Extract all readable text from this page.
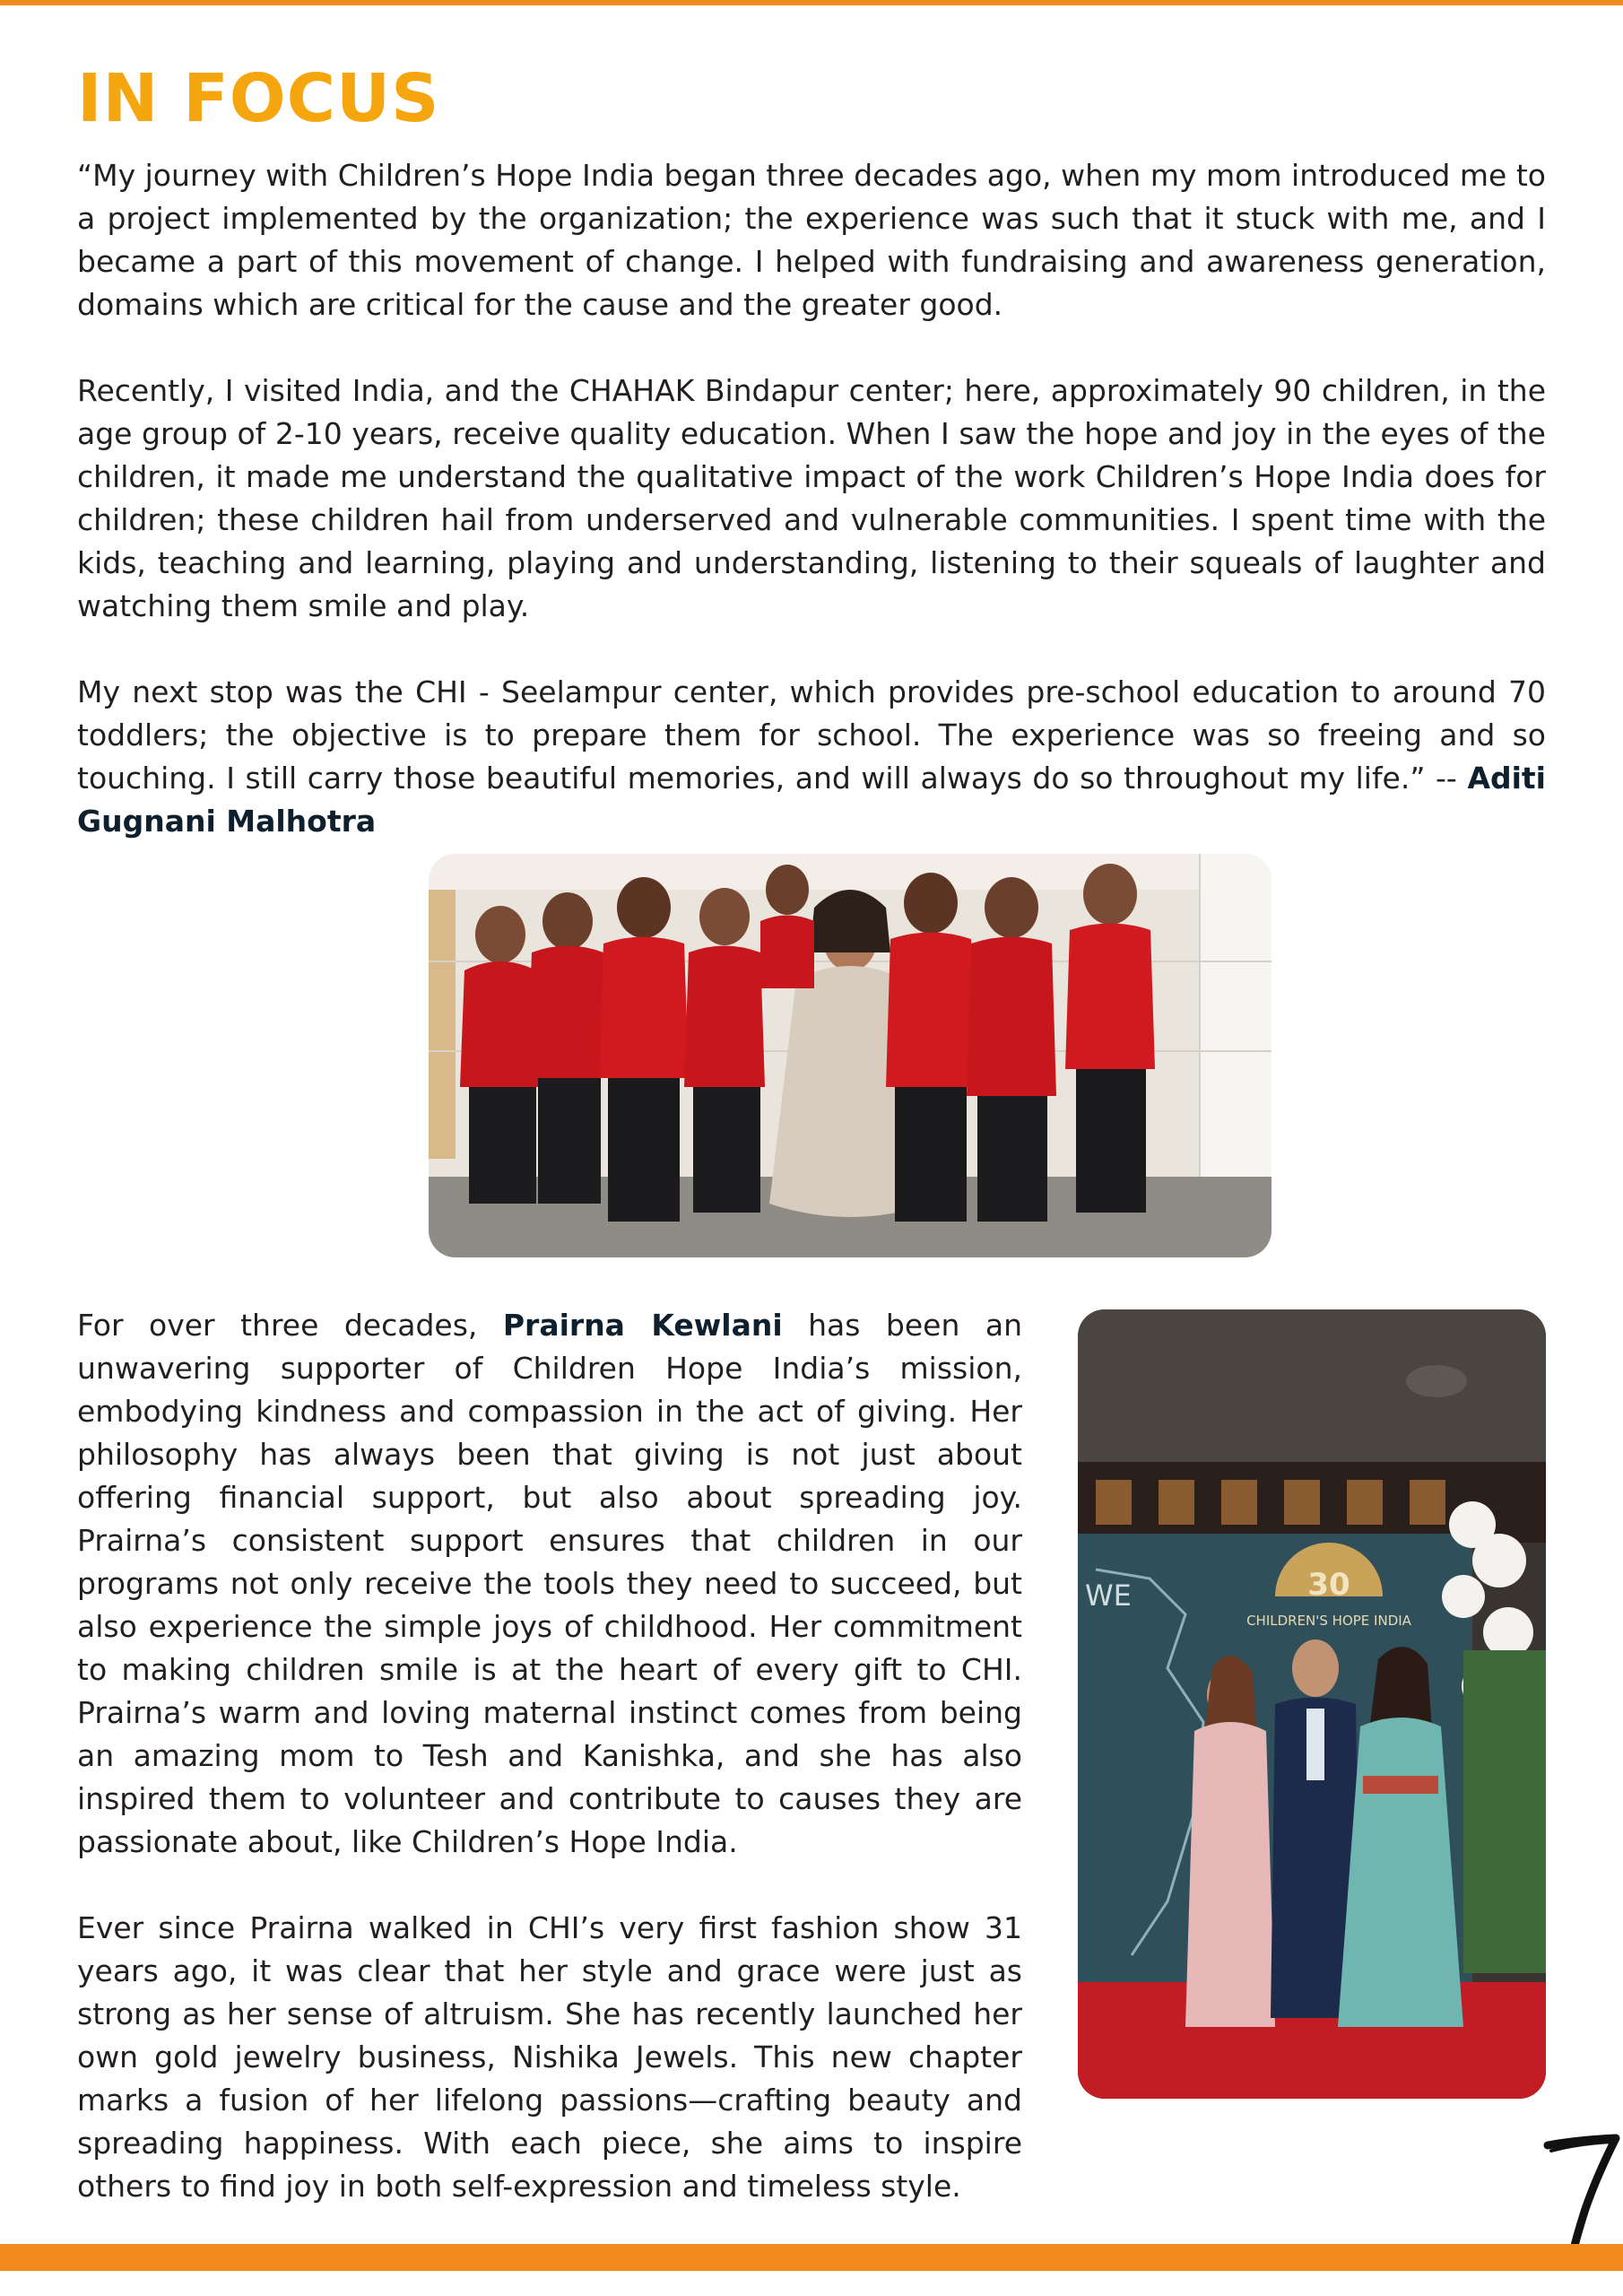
IN FOCUS

“My journey with Children’s Hope India began three decades ago, when my mom introduced me to a project implemented by the organization; the experience was such that it stuck with me, and I became a part of this movement of change. I helped with fundraising and awareness generation, domains which are critical for the cause and the greater good.

Recently, I visited India, and the CHAHAK Bindapur center; here, approximately 90 children, in the age group of 2-10 years, receive quality education. When I saw the hope and joy in the eyes of the children, it made me understand the qualitative impact of the work Children’s Hope India does for children; these children hail from underserved and vulnerable communities. I spent time with the kids, teaching and learning, playing and understanding, listening to their squeals of laughter and watching them smile and play.

My next stop was the CHI - Seelampur center, which provides pre-school education to around 70 toddlers; the objective is to prepare them for school. The experience was so freeing and so touching. I still carry those beautiful memories, and will always do so throughout my life.” -- Aditi Gugnani Malhotra

For over three decades, Prairna Kewlani has been an unwavering supporter of Children Hope India’s mission, embodying kindness and compassion in the act of giving. Her philosophy has always been that giving is not just about offering financial support, but also about spreading joy. Prairna’s consistent support ensures that children in our programs not only receive the tools they need to succeed, but also experience the simple joys of childhood. Her commitment to making children smile is at the heart of every gift to CHI. Prairna’s warm and loving maternal instinct comes from being an amazing mom to Tesh and Kanishka, and she has also inspired them to volunteer and contribute to causes they are passionate about, like Children’s Hope India.

Ever since Prairna walked in CHI’s very first fashion show 31 years ago, it was clear that her style and grace were just as strong as her sense of altruism. She has recently launched her own gold jewelry business, Nishika Jewels. This new chapter marks a fusion of her lifelong passions—crafting beauty and spreading happiness. With each piece, she aims to inspire others to find joy in both self-expression and timeless style.

WE	30
CHILDREN'S HOPE INDIA
7
